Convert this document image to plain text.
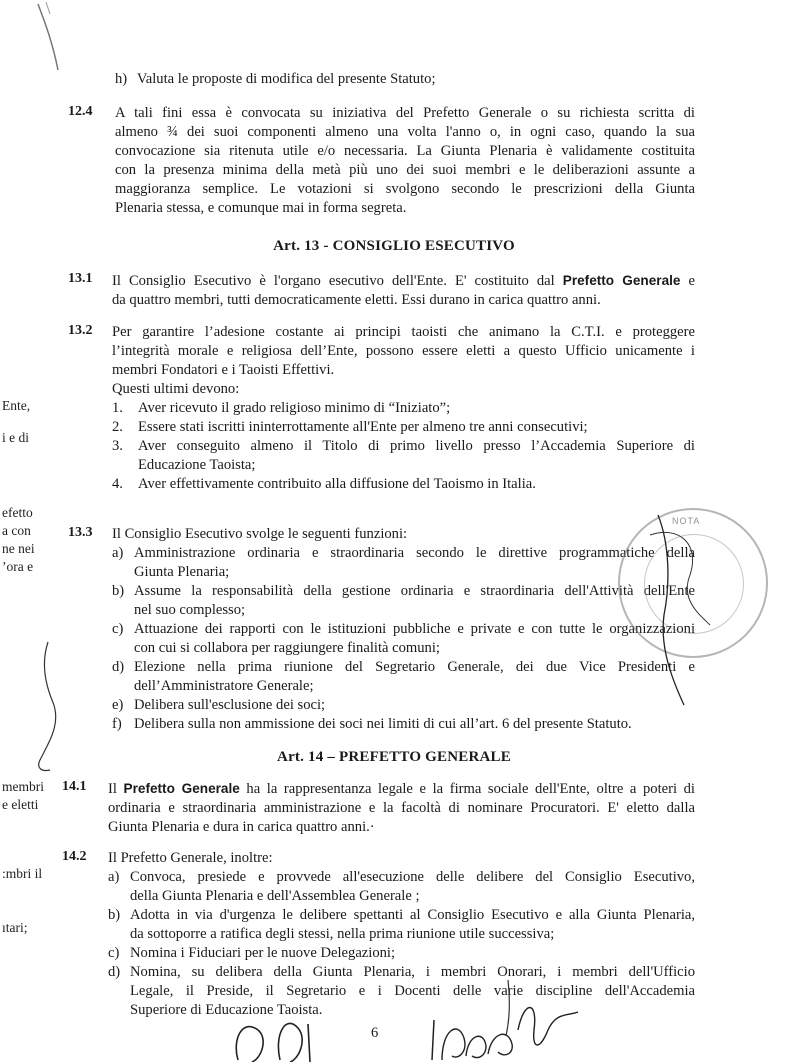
Ente,
i e di
efetto
a con
ne nei
’ora e
membri
e eletti
:mbri il
ıtari;
h) Valuta le proposte di modifica del presente Statuto;
12.4 A tali fini essa è convocata su iniziativa del Prefetto Generale o su richiesta scritta di
almeno ¾ dei suoi componenti almeno una volta l'anno o, in ogni caso, quando la sua
convocazione sia ritenuta utile e/o necessaria. La Giunta Plenaria è validamente costituita
con la presenza minima della metà più uno dei suoi membri e le deliberazioni assunte a
maggioranza semplice. Le votazioni si svolgono secondo le prescrizioni della Giunta
Plenaria stessa, e comunque mai in forma segreta.
Art. 13 - CONSIGLIO ESECUTIVO
13.1 Il Consiglio Esecutivo è l'organo esecutivo dell'Ente. E' costituito dal Prefetto Generale e
da quattro membri, tutti democraticamente eletti. Essi durano in carica quattro anni.
13.2 Per garantire l’adesione costante ai principi taoisti che animano la C.T.I. e proteggere
l’integrità morale e religiosa dell’Ente, possono essere eletti a questo Ufficio unicamente i
membri Fondatori e i Taoisti Effettivi.
Questi ultimi devono:
1. Aver ricevuto il grado religioso minimo di “Iniziato”;
2. Essere stati iscritti ininterrottamente all'Ente per almeno tre anni consecutivi;
3. Aver conseguito almeno il Titolo di primo livello presso l’Accademia Superiore di
Educazione Taoista;
4. Aver effettivamente contribuito alla diffusione del Taoismo in Italia.
13.3 Il Consiglio Esecutivo svolge le seguenti funzioni:
a) Amministrazione ordinaria e straordinaria secondo le direttive programmatiche della
Giunta Plenaria;
b) Assume la responsabilità della gestione ordinaria e straordinaria dell'Attività dell'Ente
nel suo complesso;
c) Attuazione dei rapporti con le istituzioni pubbliche e private e con tutte le organizzazioni
con cui si collabora per raggiungere finalità comuni;
d) Elezione nella prima riunione del Segretario Generale, dei due Vice Presidenti e
dell’Amministratore Generale;
e) Delibera sull'esclusione dei soci;
f) Delibera sulla non ammissione dei soci nei limiti di cui all’art. 6 del presente Statuto.
Art. 14 – PREFETTO GENERALE
14.1 Il Prefetto Generale ha la rappresentanza legale e la firma sociale dell'Ente, oltre a poteri di
ordinaria e straordinaria amministrazione e la facoltà di nominare Procuratori. E' eletto dalla
Giunta Plenaria e dura in carica quattro anni.·
14.2 Il Prefetto Generale, inoltre:
a) Convoca, presiede e provvede all'esecuzione delle delibere del Consiglio Esecutivo,
della Giunta Plenaria e dell'Assemblea Generale ;
b) Adotta in via d'urgenza le delibere spettanti al Consiglio Esecutivo e alla Giunta Plenaria,
da sottoporre a ratifica degli stessi, nella prima riunione utile successiva;
c) Nomina i Fiduciari per le nuove Delegazioni;
d) Nomina, su delibera della Giunta Plenaria, i membri Onorari, i membri dell'Ufficio
Legale, il Preside, il Segretario e i Docenti delle varie discipline dell'Accademia
Superiore di Educazione Taoista.
6
NOTA
